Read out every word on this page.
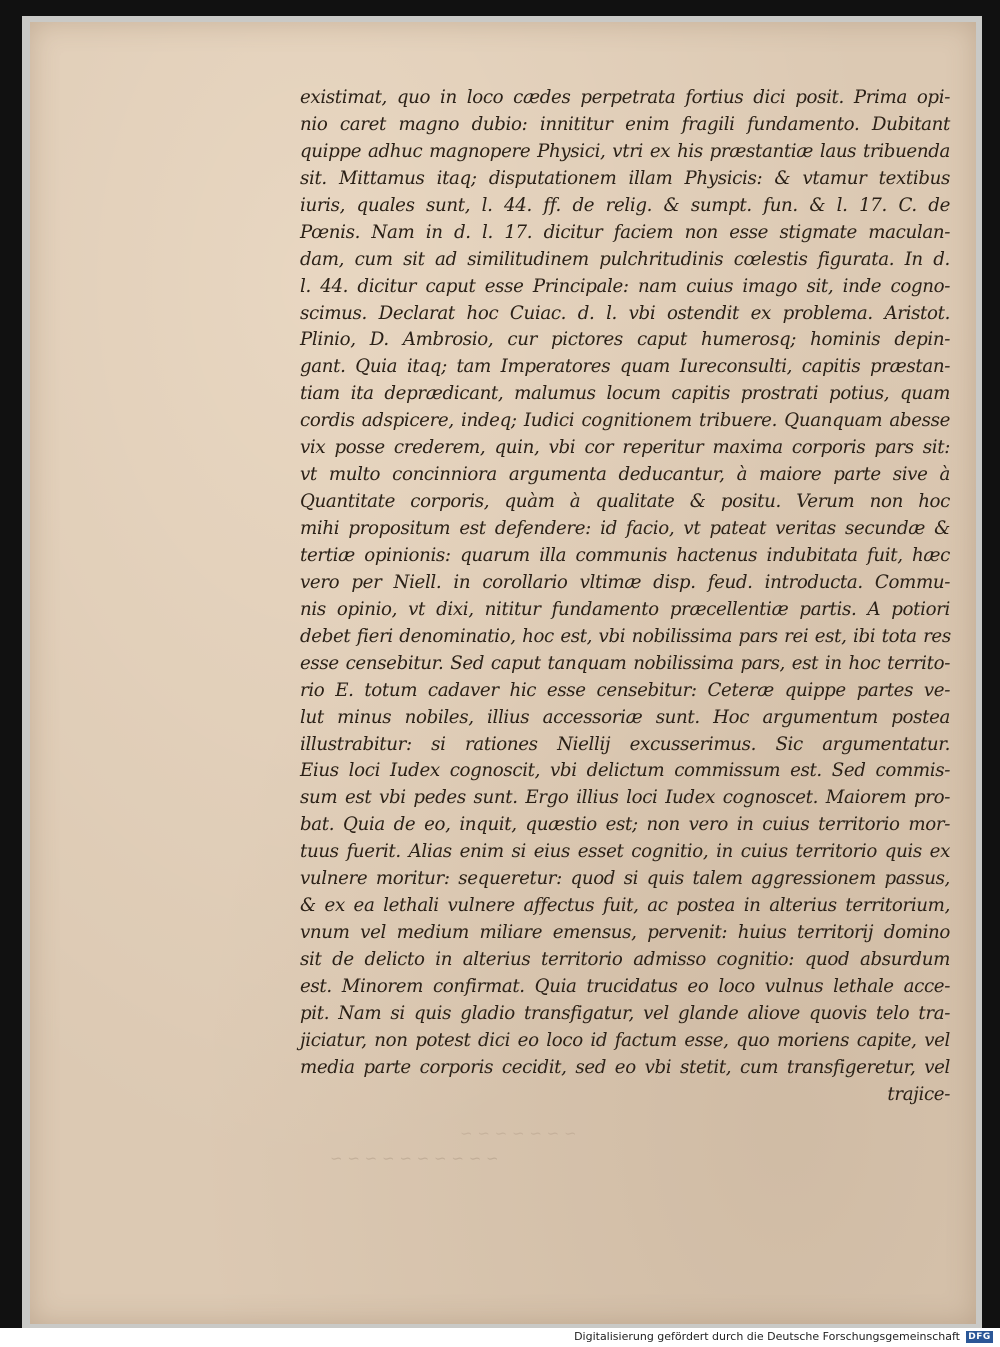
existimat, quo in loco cædes perpetrata fortius dici posit. Prima opi-
nio caret magno dubio: innititur enim fragili fundamento. Dubitant
quippe adhuc magnopere Physici, vtri ex his præstantiæ laus tribuenda
sit. Mittamus itaq; disputationem illam Physicis: & vtamur textibus
iuris, quales sunt, l. 44. ff. de relig. & sumpt. fun. & l. 17. C. de
Pœnis. Nam in d. l. 17. dicitur faciem non esse stigmate maculan-
dam, cum sit ad similitudinem pulchritudinis cœlestis figurata. In d.
l. 44. dicitur caput esse Principale: nam cuius imago sit, inde cogno-
scimus. Declarat hoc Cuiac. d. l. vbi ostendit ex problema. Aristot.
Plinio, D. Ambrosio, cur pictores caput humerosq; hominis depin-
gant. Quia itaq; tam Imperatores quam Iureconsulti, capitis præstan-
tiam ita deprædicant, malumus locum capitis prostrati potius, quam
cordis adspicere, indeq; Iudici cognitionem tribuere. Quanquam abesse
vix posse crederem, quin, vbi cor reperitur maxima corporis pars sit:
vt multo concinniora argumenta deducantur, à maiore parte sive à
Quantitate corporis, quàm à qualitate & positu. Verum non hoc
mihi propositum est defendere: id facio, vt pateat veritas secundæ &
tertiæ opinionis: quarum illa communis hactenus indubitata fuit, hæc
vero per Niell. in corollario vltimæ disp. feud. introducta. Commu-
nis opinio, vt dixi, nititur fundamento præcellentiæ partis. A potiori
debet fieri denominatio, hoc est, vbi nobilissima pars rei est, ibi tota res
esse censebitur. Sed caput tanquam nobilissima pars, est in hoc territo-
rio E. totum cadaver hic esse censebitur: Ceteræ quippe partes ve-
lut minus nobiles, illius accessoriæ sunt. Hoc argumentum postea
illustrabitur: si rationes Niellij excusserimus. Sic argumentatur.
Eius loci Iudex cognoscit, vbi delictum commissum est. Sed commis-
sum est vbi pedes sunt. Ergo illius loci Iudex cognoscet. Maiorem pro-
bat. Quia de eo, inquit, quæstio est; non vero in cuius territorio mor-
tuus fuerit. Alias enim si eius esset cognitio, in cuius territorio quis ex
vulnere moritur: sequeretur: quod si quis talem aggressionem passus,
& ex ea lethali vulnere affectus fuit, ac postea in alterius territorium,
vnum vel medium miliare emensus, pervenit: huius territorij domino
sit de delicto in alterius territorio admisso cognitio: quod absurdum
est. Minorem confirmat. Quia trucidatus eo loco vulnus lethale acce-
pit. Nam si quis gladio transfigatur, vel glande aliove quovis telo tra-
jiciatur, non potest dici eo loco id factum esse, quo moriens capite, vel
media parte corporis cecidit, sed eo vbi stetit, cum transfigeretur, vel
trajice-
~ ~ ~ ~ ~ ~ ~ ~ ~ ~
~ ~ ~ ~ ~ ~ ~
Digitalisierung gefördert durch die Deutsche Forschungsgemeinschaft DFG
